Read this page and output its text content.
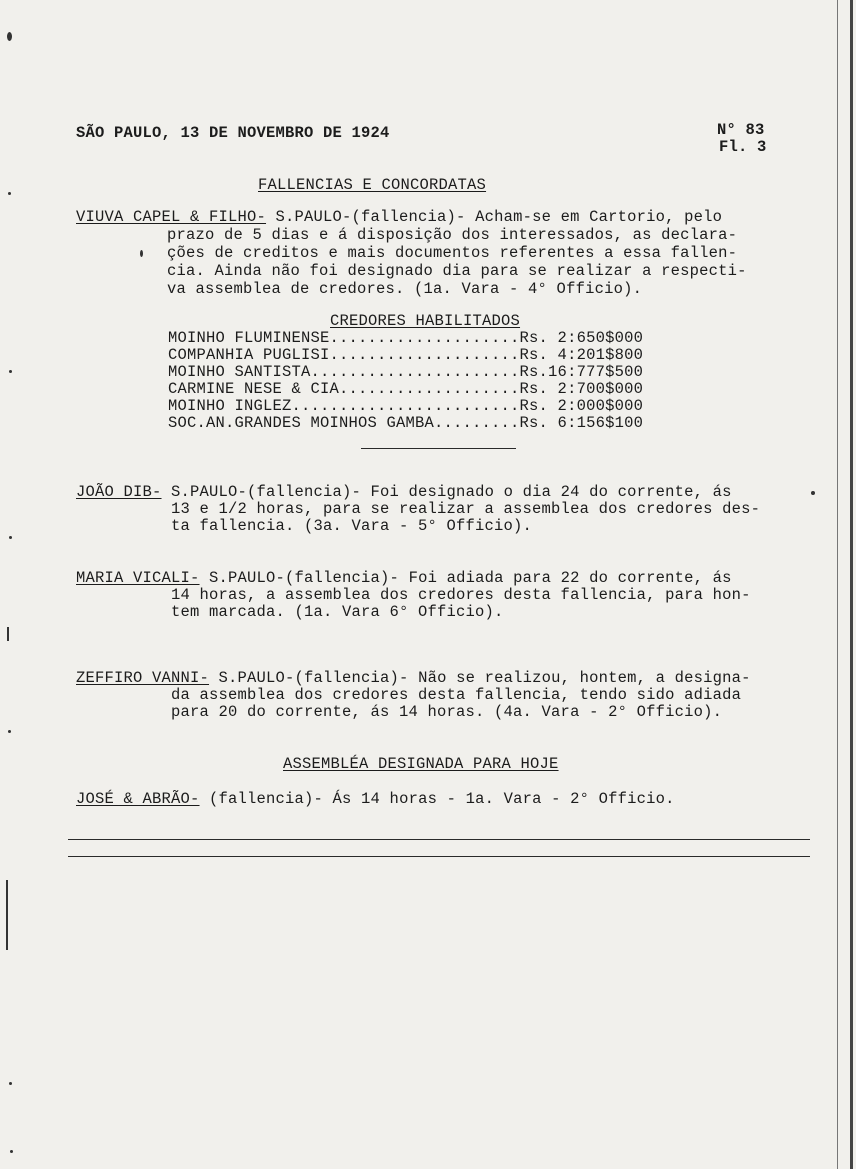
SÃO PAULO, 13 DE NOVEMBRO DE 1924	N° 83
Fl. 3
FALLENCIAS E CONCORDATAS
VIUVA CAPEL & FILHO- S.PAULO-(fallencia)- Acham-se em Cartorio, pelo
prazo de 5 dias e á disposição dos interessados, as declara-
ções de creditos e mais documentos referentes a essa fallen-
cia. Ainda não foi designado dia para se realizar a respecti-
va assemblea de credores. (1a. Vara - 4° Officio).
CREDORES HABILITADOS
MOINHO FLUMINENSE....................Rs. 2:650$000
COMPANHIA PUGLISI....................Rs. 4:201$800
MOINHO SANTISTA......................Rs.16:777$500
CARMINE NESE & CIA...................Rs. 2:700$000
MOINHO INGLEZ........................Rs. 2:000$000
SOC.AN.GRANDES MOINHOS GAMBA.........Rs. 6:156$100
JOÃO DIB- S.PAULO-(fallencia)- Foi designado o dia 24 do corrente, ás
13 e 1/2 horas, para se realizar a assemblea dos credores des-
ta fallencia. (3a. Vara - 5° Officio).
MARIA VICALI- S.PAULO-(fallencia)- Foi adiada para 22 do corrente, ás
14 horas, a assemblea dos credores desta fallencia, para hon-
tem marcada. (1a. Vara 6° Officio).
ZEFFIRO VANNI- S.PAULO-(fallencia)- Não se realizou, hontem, a designa-
da assemblea dos credores desta fallencia, tendo sido adiada
para 20 do corrente, ás 14 horas. (4a. Vara - 2° Officio).
ASSEMBLÉA DESIGNADA PARA HOJE
JOSÉ & ABRÃO- (fallencia)- Ás 14 horas - 1a. Vara - 2° Officio.
